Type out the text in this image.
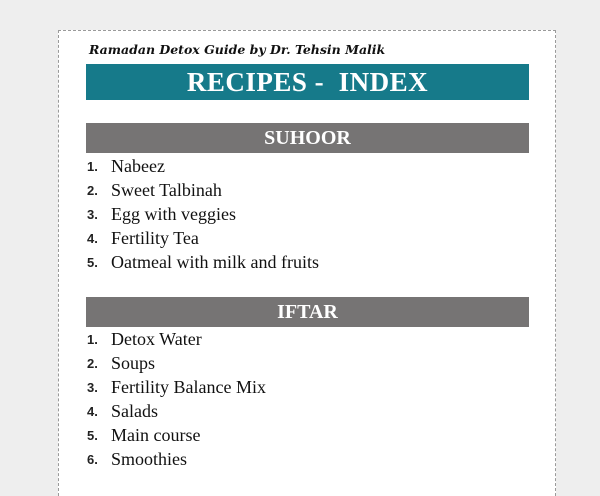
Ramadan Detox Guide by Dr. Tehsin Malik
RECIPES -  INDEX
SUHOOR
1. Nabeez
2. Sweet Talbinah
3. Egg with veggies
4. Fertility Tea
5. Oatmeal with milk and fruits
IFTAR
1. Detox Water
2. Soups
3. Fertility Balance Mix
4. Salads
5. Main course
6. Smoothies
